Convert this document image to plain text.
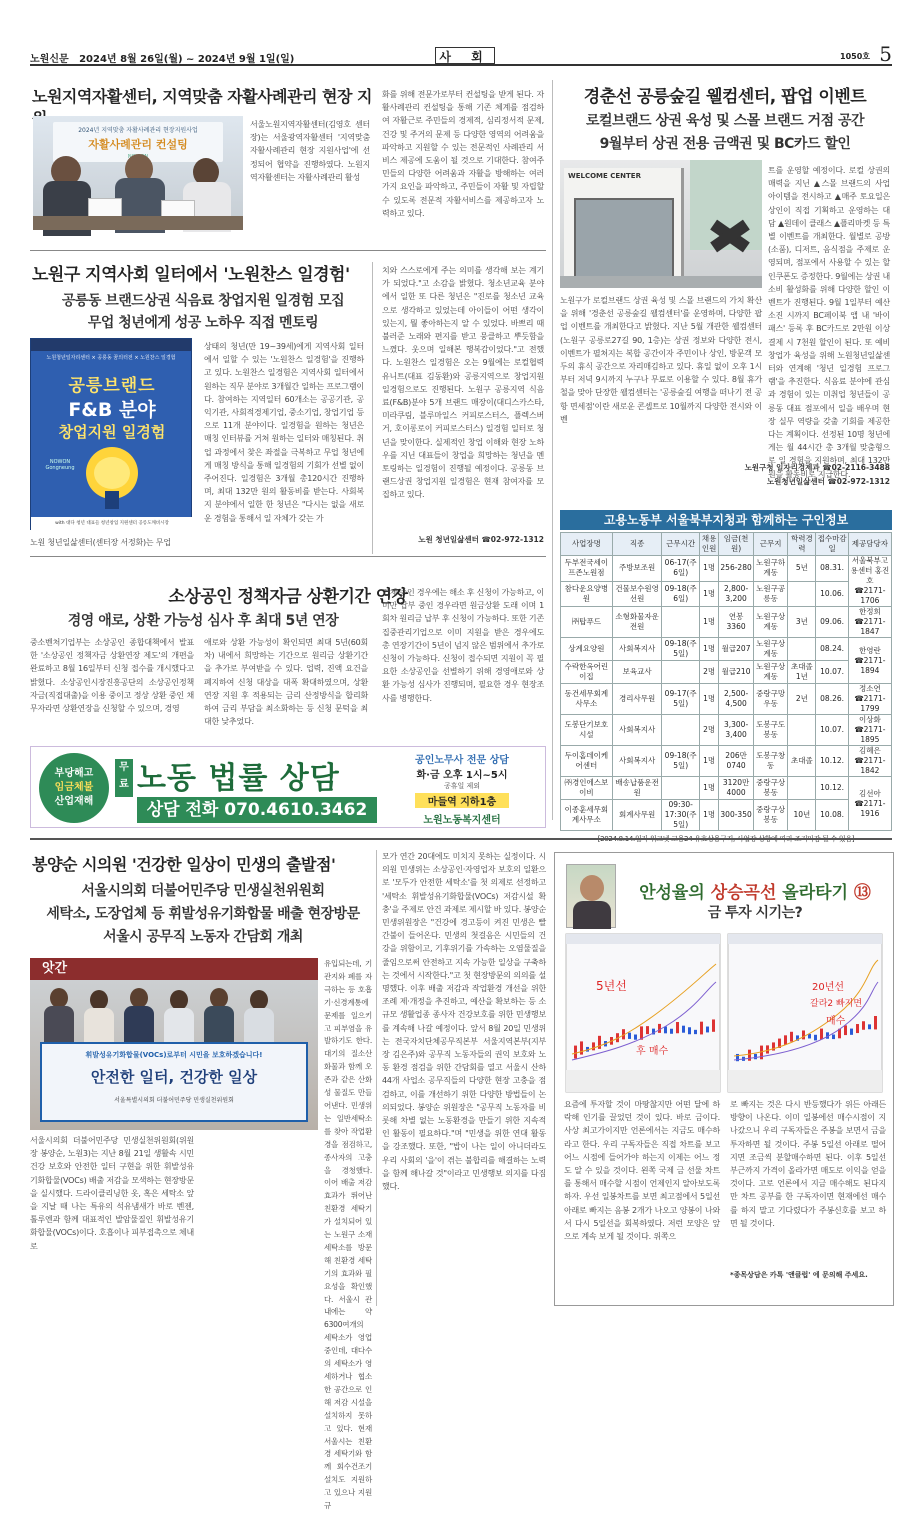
노원신문 2024년 8월 26일(월) ~ 2024년 9월 1일(일)	사 회	1050호 5
노원지역자활센터, 지역맞춤 자활사례관리 현장 지
2024년 지역맞춤 자활사례관리 현장지원사업
자활사례관리 컨설팅
서울노원지역자활센터(김영호 센터장)는 서울광역자활센터 '지역맞춤 자활사례관리 현장 지원사업'에 선정되어 협약을 진행하였다. 노원지역자활센터는 자활사례관리 활성
화를 위해 전문가로부터 컨설팅을 받게 된다. 자활사례관리 컨설팅을 통해 기존 체계를 점검하여 자활근로 주민들의 경제적, 심리정서적 문제, 건강 및 주거의 문제 등 다양한 영역의 어려움을 파악하고 지원할 수 있는 전문적인 사례관리 서비스 제공에 도움이 될 것으로 기대한다. 참여주민들의 다양한 어려움과 자활을 방해하는 여러 가지 요인을 파악하고, 주민들이 자활 및 자립할 수 있도록 전문적 자활서비스를 제공하고자 노력하고 있다.
노원구 지역사회 일터에서 '노원찬스 일경험'
공릉동 브랜드상권 식음료 창업지원 일경험 모집
무업 청년에게 성공 노하우 직접 멘토링
노원청년일자리센터 × 공릉동 꿈의터전 × 노원찬스 일경험
공릉브랜드
F&B 분야
창업지원 일경험
NOWON Gongneung
with 대다 청년 대표들 청년창업 지원센터 공릉도깨비시장
노원 청년일삶센터(센터장 서정화)는 무업
상태의 청년(만 19~39세)에게 지역사회 일터에서 일할 수 있는 '노원찬스 일경험'을 진행하고 있다. 노원찬스 일경험은 지역사회 일터에서 원하는 직무 분야로 3개월간 일하는 프로그램이다. 참여하는 지역일터 60개소는 공공기관, 공익기관, 사회적경제기업, 중소기업, 창업기업 등으로 11개 분야이다. 일경험을 원하는 청년은 매칭 인터뷰를 거쳐 원하는 일터와 매칭된다. 취업 과정에서 찾은 좌절을 극복하고 무업 청년에게 매칭 방식을 통해 일경험의 기회가 선별 없이 주어진다. 일경험은 3개월 총120시간 진행하며, 최대 132만 원의 활동비를 받는다. 사회복지 분야에서 일한 한 청년은 "다시는 없을 새로운 경험을 통해서 일 자체가 갖는 가
치와 스스로에게 주는 의미를 생각해 보는 계기가 되었다."고 소감을 밝혔다. 청소년교육 분야에서 일한 또 다른 청년은 "진로를 청소년 교육으로 생각하고 있었는데 아이들이 어떤 생각이 있는지, 뭘 좋아하는지 알 수 있었다. 바쁘리 때 불러준 노래와 편지를 받고 뭉클하고 뿌듯함을 느꼈다. 웃으며 일해본 행복감이었다."고 전했다. 노원찬스 일경험은 오는 9월에는 로컬협력 유니트(대표 김동환)와 공릉지역으로 창업지원 일경험으로도 진행된다. 노원구 공릉지역 식음료(F&B)분야 5개 브랜드 매장이(대디스카스타, 미라쿠림, 블루마일스 커피로스터스, 플렉스버거, 호이롱로이 커피로스터스) 일경험 일터로 청년을 맞이한다. 실제적인 창업 이해와 현장 노하우를 지닌 대표들이 창업을 희망하는 청년을 멘토링하는 일경험이 진행될 예정이다. 공릉동 브랜드상권 창업지원 일경험은 현재 참여자를 모집하고 있다.
노원 청년일삶센터 ☎02-972-1312
경춘선 공릉숲길 웰컴센터, 팝업 이벤트
로컬브랜드 상권 육성 및 스몰 브랜드 거점 공간
9월부터 상권 전용 금액권 및 BC카드 할인
WELCOME CENTER
노원구가 로컬브랜드 상권 육성 및 스몰 브랜드의 가치 확산을 위해 '경춘선 공릉숲길 웰컴센터'를 운영하며, 다양한 팝업 이벤트를 개최한다고 밝혔다. 지난 5월 개관한 웰컴센터(노원구 공릉로27길 90, 1층)는 상권 정보와 다양한 전시, 이벤트가 펼쳐지는 복합 공간이자 주민이나 상인, 방문객 모두의 휴식 공간으로 자리매김하고 있다. 휴일 없이 오후 1시부터 저녁 9시까지 누구나 무료로 이용할 수 있다. 8월 휴가철을 맞아 단장한 웰컴센터는 '공릉숲길 여행을 떠나기 전 공항 면세점'이란 새로운 콘셉트로 10월까지 다양한 전시와 이벤
트를 운영할 예정이다. 로컬 상권의 매력을 지닌 ▲스몰 브랜드의 사업 아이템을 전시하고 ▲매주 토요일은 상인이 직접 기획하고 운영하는 대담 ▲원데이 클래스 ▲플리마켓 등 특별 이벤트를 개최한다. 월별로 공방(소품), 디저트, 음식점을 주제로 운영되며, 점포에서 사용할 수 있는 할인쿠폰도 증정한다. 9월에는 상권 내 소비 활성화를 위해 다양한 할인 이벤트가 진행된다. 9월 1일부터 예산소진 시까지 BC페이북 앱 내 '바이패스' 등록 후 BC카드로 2만원 이상 결제 시 7천원 할인이 된다. 또 예비 창업가 육성을 위해 노원청년일삶센터와 연계해 '청년 일경험 프로그램'을 추진한다. 식음료 분야에 관심과 경험이 있는 미취업 청년들이 공릉동 대표 점포에서 일을 배우며 현장 실무 역량을 갖출 기회를 제공한다는 계획이다. 선정된 10명 청년에게는 월 44시간 총 3개월 맞춤형으로 일 경험을 지원하며, 최대 132만원을 활동비로 지급한다.
노원구청 일자리경제과 ☎02-2116-3488
노원청년일삶센터 ☎02-972-1312
고용노동부 서울북부지청과 함께하는 구인정보
사업장명	직종	근무시간	채용인원	임금(천원)	근무지	학력경력	접수마감일	제공담당자
두부전국세이프존노원점	주방보조원	06-17(주6일)	1명	256-280	노원구하계동	5년	08.31.	서울북부고용센터 홍진호 ☎2171-1706
참다운요양병원	건물보수원영선원	09-18(주6일)	1명	2,800-3,200	노원구공릉동		10.06.	
㈜탑푸드	소형화물자운전원		1명	연봉3360	노원구상계동	3년	09.06.	한정희 ☎2171-1847
상계요양원	사회복지사	09-18(주5일)	1명	월급207	노원구상계동		08.24.	한영란 ☎2171-1894
수락한옥어린이집	보육교사		2명	월급210	노원구상계동	초대졸1년	10.07.	
동건세무회계사무소	경리사무원	09-17(주5일)	1명	2,500-4,500	중랑구망우동	2년	08.26.	정소연 ☎2171-1799
도봉단기보호시설	사회복지사		2명	3,300-3,400	도봉구도봉동		10.07.	이상화 ☎2171-1895
두이홈데이케어센터	사회복지사	09-18(주5일)	1명	206만0740	도봉구창동	초대졸	10.12.	김혜은 ☎2171-1842
㈜경인에스보이비	배송납품운전원		1명	3120만4000	중랑구상봉동		10.12.	김선아 ☎2171-1916
이종훈세무회계사무소	회계사무원	09:30-17:30(주5일)	1명	300-350	중랑구상봉동	10년	10.08.	
소상공인 정책자금 상환기간 연장
경영 애로, 상환 가능성 심사 후 최대 5년 연장
중소벤처기업부는 소상공인 종합대책에서 발표한 '소상공인 정책자금 상환연장 제도'의 개편을 완료하고 8월 16일부터 신청 접수를 개시했다고 밝혔다. 소상공인시장진흥공단의 소상공인정책자금(직접대출)을 이용 중이고 정상 상환 중인 채무자라면 상환연장을 신청할 수 있으며, 경영
애로와 상환 가능성이 확인되면 최대 5년(60회 차) 내에서 희망하는 기간으로 원리금 상환기간을 추가로 부여받을 수 있다. 업력, 진액 요건을 폐지하여 신청 대상을 대폭 확대하였으며, 상환연장 지원 후 적용되는 금리 산정방식을 합리화하여 금리 부담을 최소화하는 등 신청 문턱을 최대한 낮추었다.
연체 중인 경우에는 해소 후 신청이 가능하고, 이미만 납부 중인 경우라면 원금상환 도래 이며 1회차 원리금 납부 후 신청이 가능하다. 또한 기존 집중관리기업으로 이미 지원을 받은 경우에도 총 연장기간이 5년이 넘지 않은 범위에서 추가로 신청이 가능하다. 신청이 접수되면 지원이 꼭 필요한 소상공인을 선별하기 위해 경영애로와 상환 가능성 심사가 진행되며, 필요한 경우 현장조사를 병행한다.
부당해고
임금체불
산업재해
무료 노동 법률 상담
상담 전화 070.4610.3462
공인노무사 전문 상담
화·금 오후 1시~5시
공휴일 제외
마들역 지하1층
노원노동복지센터
봉양순 시의원 '건강한 일상이 민생의 출발점'
서울시의회 더불어민주당 민생실천위원회
세탁소, 도장업체 등 휘발성유기화합물 배출 현장방문
서울시 공무직 노동자 간담회 개최
앗간
휘발성유기화합물(VOCs)로부터 시민을 보호하겠습니다!
안전한 일터, 건강한 일상
서울특별시의회 더불어민주당 민생실천위원회
유입되는데, 기관지와 폐를 자극하는 등 호흡기·신경계통에 문제를 일으키고 피부염을 유발하기도 한다. 대기의 질소산화물과 함께 오존과 같은 산화성 물질도 만들어낸다. 민생위는 일반세탁소를 찾아 작업환경을 점검하고, 종사자의 고충을 경청했다. 이어 배출 저감효과가 뛰어난 친환경 세탁기가 설치되어 있는 노원구 소재 세탁소를 방문해 친환경 세탁기의 효과와 필요성을 확인했다. 서울시 관내에는 약 6300여개의 세탁소가 영업 중인데, 대다수의 세탁소가 영세하거나 협소한 공간으로 인해 저감 시설을 설치하지 못하고 있다. 현재 서울시는 친환경 세탁기와 함께 회수건조기 설치도 지원하고 있으나 지원규
서울시의회 더불어민주당 민생실천위원회(위원장 봉양순, 노원3)는 지난 8월 21일 생활속 시민건강 보호와 안전한 일터 구현을 위한 휘발성유기화합물(VOCs) 배출 저감을 모색하는 현장방문을 실시했다. 드라이클리닝한 옷, 혹은 세탁소 앞을 지날 때 나는 특유의 석유냄새가 바로 벤젠, 톨루엔과 함께 대표적인 발암물질인 휘발성유기화합물(VOCs)이다. 호흡이나 피부접촉으로 체내로
모가 연간 20대에도 미치지 못하는 실정이다. 시의원 민생위는 소상공인·자영업자 보호의 일환으로 '모두가 안전한 세탁소'를 첫 의제로 선정하고 '세탁소 휘발성유기화합물(VOCs) 저감시설 확충'을 주제로 안건 과제로 제시할 바 있다. 봉양순 민생위원장은 "건강에 경고등이 켜진 민생은 빨간불이 들어온다. 민생의 첫걸음은 시민들의 건강을 위함이고, 기후위기를 가속하는 오염물질을 줄임으로써 안전하고 지속 가능한 일상을 구축하는 것에서 시작한다."고 첫 현장방문의 의의를 설명했다. 이후 배출 저감과 작업환경 개선을 위한 조례 제·개정을 추진하고, 예산을 확보하는 등 소규모 생활업종 종사자 건강보호를 위한 민생행보를 계속해 나갈 예정이다. 앞서 8월 20일 민생위는 전국자치단체공무직본부 서울지역본부(지부장 김은주)와 공무직 노동자들의 권익 보호와 노동 환경 점검을 위한 간담회를 열고 서울시 산하 44개 사업소 공무직들의 다양한 현장 고충을 점검하고, 이를 개선하기 위한 다양한 방법들이 논의되었다. 봉양순 위원장은 "공무직 노동자를 비롯해 차별 없는 노동환경을 만들기 위한 지속적인 활동이 필요하다."며 "민생을 위한 연대 활동을 강조했다. 또한, "밥이 나는 일이 아니더라도 우리 사회의 '을'이 겪는 불합리를 해결하는 노력을 함께 해나갈 것"이라고 민생행보 의지를 다짐했다.
안성율의 상승곡선 올라타기 ⑬
금 투자 시기는?
5년선
후 매수
20년선
갈라2 빠지면
매수
요즘에 투자할 것이 마땅찮지만 어떤 달에 하락해 인기를 끌었던 것이 있다. 바로 금이다. 사상 최고가이지만 언론에서는 지금도 매수하라고 한다. 우리 구독자들은 직접 차트를 보고 어느 시점에 들어가야 하는지 이제는 어느 정도 알 수 있을 것이다. 왼쪽 국제 금 선물 차트를 통해서 매수할 시점이 언제인지 알아보도록 하자. 우선 일봉차트를 보면 최고점에서 5일선 아래로 빠지는 음봉 2개가 나오고 양봉이 나와서 다시 5일선을 회복하였다. 저런 모양은 앞으로 계속 보게 될 것이다. 위쪽으
로 빠지는 것은 다시 반등했다가 위든 아래든 방향이 나온다. 이미 일봉에선 매수시점이 지나갔으니 우리 구독자들은 주봉을 보면서 금을 투자하면 될 것이다. 주봉 5일선 아래로 떨어지면 조금씩 분할매수하면 된다. 이후 5일선 부근까지 가격이 올라가면 매도로 이익을 얻을 것이다. 고로 언론에서 지금 매수해도 된다지만 차트 공부를 한 구독자이면 현재에선 매수를 하지 말고 기다렸다가 주봉신호를 보고 하면 될 것이다.
*종목상담은 카톡 '앤클럽' 에 문의해 주세요.
